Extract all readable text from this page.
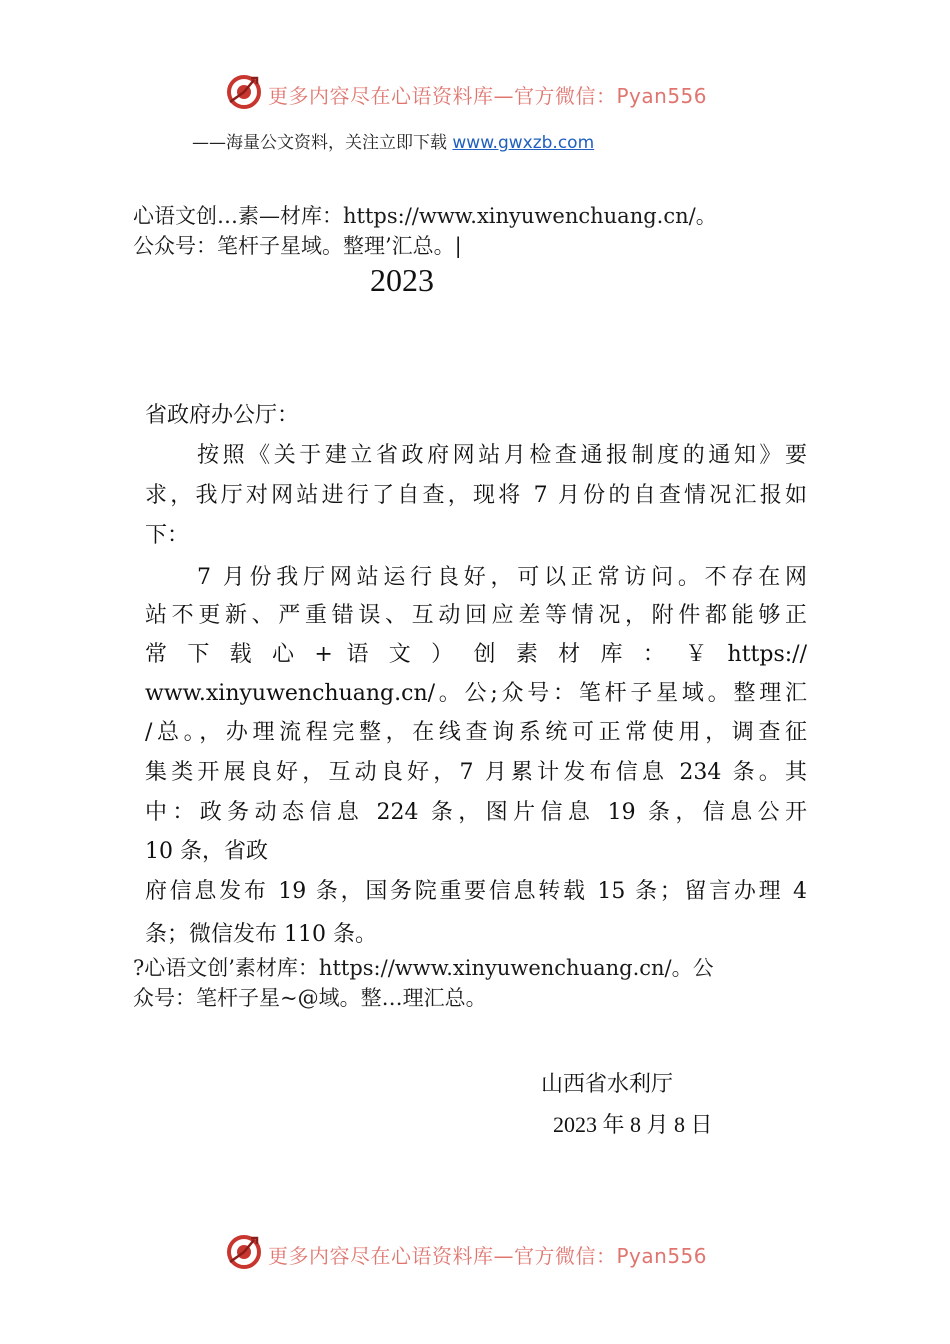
更多内容尽在心语资料库—官方微信：Pyan556
——海量公文资料，关注立即下载 www.gwxzb.com
心语文创…素—材库：https://www.xinyuwenchuang.cn/。
公众号：笔杆子星域。整理’汇总。|
2023
省政府办公厅：
按照《关于建立省政府网站月检查通报制度的通知》要
求，我厅对网站进行了自查，现将 7 月份的自查情况汇报如
下：
7 月份我厅网站运行良好，可以正常访问。不存在网
站不更新、严重错误、互动回应差等情况，附件都能够正
常 下 载 心 + 语 文 ） 创 素 材 库 ： ￥ https://
www.xinyuwenchuang.cn/。公;众号：笔杆子星域。整理汇
/总。，办理流程完整，在线查询系统可正常使用，调查征
集类开展良好，互动良好，7 月累计发布信息 234 条。其
中：政务动态信息 224 条，图片信息 19 条，信息公开
10 条，省政
府信息发布 19 条，国务院重要信息转载 15 条；留言办理 4
条；微信发布 110 条。
?心语文创’素材库：https://www.xinyuwenchuang.cn/。公
众号：笔杆子星~@域。整…理汇总。
山西省水利厅
2023 年 8 月 8 日
更多内容尽在心语资料库—官方微信：Pyan556
